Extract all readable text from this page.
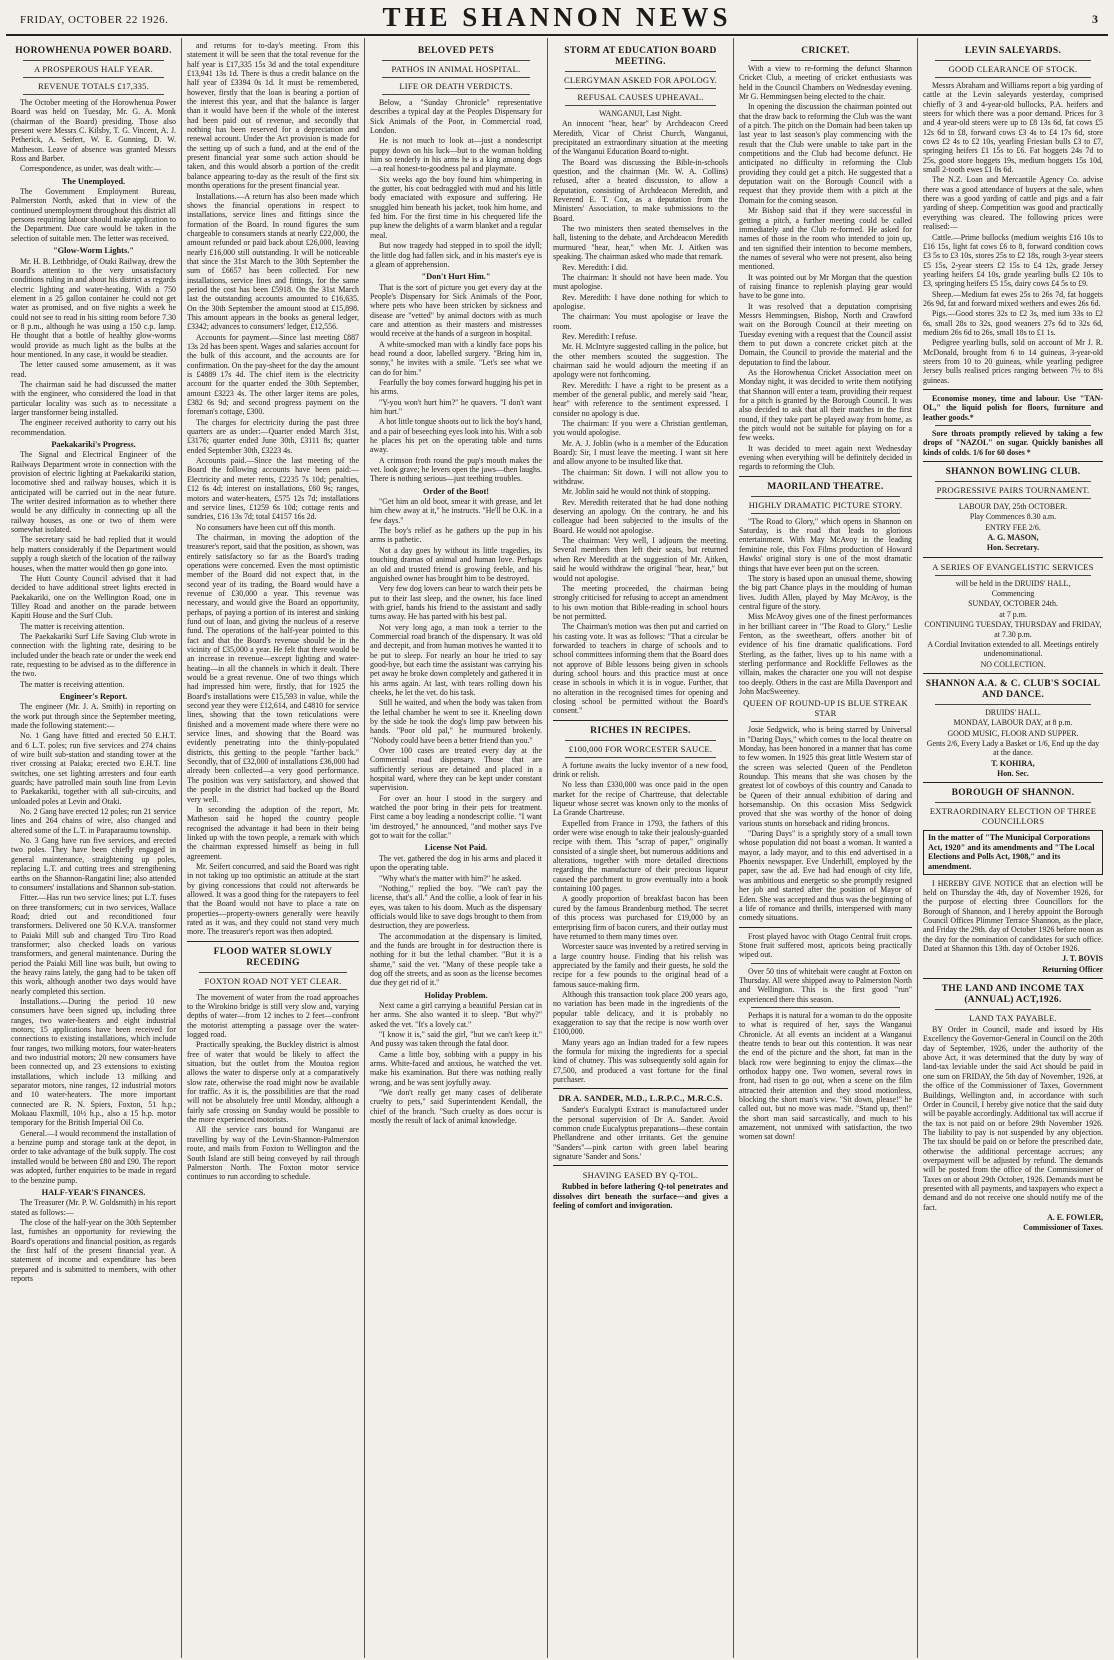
FRIDAY, OCTOBER 22 1926.	THE SHANNON NEWS	3
HOROWHENUA POWER BOARD.
A PROSPEROUS HALF YEAR.
REVENUE TOTALS £17,335.

The October meeting of the Horowhenua Power Board was held on Tuesday, Mr. G. A. Monk (chairman of the Board) presiding. Those also present were Messrs C. Kilsby, T. G. Vincent, A. J. Petherick, A. Seifert, W. E. Gunning, D. W. Matheson. Leave of absence was granted Messrs Ross and Barber.

Correspondence, as under, was dealt with:—

The Unemployed.

The Government Employment Bureau, Palmerston North, asked that in view of the continued unemployment throughout this district all persons requiring labour should make application to the Department. Due care would be taken in the selection of suitable men. The letter was received.

"Glow-Worm Lights."

Mr. H. B. Lethbridge, of Otaki Railway, drew the Board's attention to the very unsatisfactory conditions ruling in and about his district as regards electric lighting and water-heating. With a 750 element in a 25 gallon container he could not get water as promised, and on five nights a week he could not see to read in his sitting room before 7.30 or 8 p.m., although he was using a 150 c.p. lamp. He thought that a bottle of healthy glow-worms would provide as much light as the bulbs at the hour mentioned. In any case, it would be steadier.

The letter caused some amusement, as it was read.

The chairman said he had discussed the matter with the engineer, who considered the load in that particular locality was such as to necessitate a larger transformer being installed.

The engineer received authority to carry out his recommendation.

Paekakariki's Progress.

The Signal and Electrical Engineer of the Railways Department wrote in connection with the provision of electric lighting at Paekakariki station, locomotive shed and railway houses, which it is anticipated will be carried out in the near future. The writer desired information as to whether there would be any difficulty in connecting up all the railway houses, as one or two of them were somewhat isolated.

The secretary said he had replied that it would help matters considerably if the Department would supply a rough sketch of the location of the railway houses, when the matter would then go gone into.

The Hutt County Council advised that it had decided to have additional street lights erected in Paekakariki, one on the Wellington Road, one in Tilley Road and another on the parade between Kapiti House and the Surf Club.

The matter is receiving attention.

The Paekakariki Surf Life Saving Club wrote in connection with the lighting rate, desiring to be included under the beach rate or under the week end rate, requesting to be advised as to the difference in the two.

The matter is receiving attention.

Engineer's Report.

The engineer (Mr. J. A. Smith) in reporting on the work put through since the September meeting, made the following statement:—

No. 1 Gang have fitted and erected 50 E.H.T. and 6 L.T. poles; run five services and 274 chains of wire built sub-station and standing tower at the river crossing at Paiaka; erected two E.H.T. line switches, one set lighting arresters and four earth guards; have patrolled main south line from Levin to Paekakariki, together with all sub-circuits, and unloaded poles at Levin and Otaki.

No. 2 Gang have erected 12 poles; run 21 service lines and 264 chains of wire, also changed and altered some of the L.T. in Paraparaumu township.

No. 3 Gang have run five services, and erected two poles. They have been chiefly engaged in general maintenance, straightening up poles, replacing L.T. and cutting trees and strengthening earths on the Shannon-Rangatini line; also attended to consumers' installations and Shannon sub-station.

Fitter.—Has run two service lines; put L.T. fuses on three transformers; cut in two services, Wallace Road; dried out and reconditioned four transformers. Delivered one 50 K.V.A. transformer to Paiaki Mill sub and changed Tiro Tiro Road transformer; also checked loads on various transformers, and general maintenance. During the period the Paiaki Mill line was built, but owing to the heavy rains lately, the gang had to be taken off this work, although another two days would have nearly completed this section.

Installations.—During the period 10 new consumers have been signed up, including three ranges, two water-heaters and eight industrial motors; 15 applications have been received for connections to existing installations, which include four ranges, two milking motors, four water-heaters and two industrial motors; 20 new consumers have been connected up, and 23 extensions to existing installations, which include 13 milking and separator motors, nine ranges, 12 industrial motors and 10 water-heaters. The more important connected are R. N. Spiers, Foxton, 51 h.p.; Mokaau Flaxmill, 10½ h.p., also a 15 h.p. motor temporary for the British Imperial Oil Co.

General.—I would recommend the installation of a benzine pump and storage tank at the depot, in order to take advantage of the bulk supply. The cost installed would be between £80 and £90. The report was adopted, further enquiries to be made in regard to the benzine pump.

HALF-YEAR'S FINANCES.

The Treasurer (Mr. P. W. Goldsmith) in his report stated as follows:—

The close of the half-year on the 30th September last, furnishes an opportunity for reviewing the Board's operations and financial position, as regards the first half of the present financial year. A statement of income and expenditure has been prepared and is submitted to members, with other reports

and returns for to-day's meeting. From this statement it will be seen that the total revenue for the half year is £17,335 15s 3d and the total expenditure £13,941 13s 1d. There is thus a credit balance on the half year of £3394 0s 1d. It must be remembered, however, firstly that the loan is bearing a portion of the interest this year, and that the balance is larger than it would have been if the whole of the interest had been paid out of revenue, and secondly that nothing has been reserved for a depreciation and renewal account. Under the Act provision is made for the setting up of such a fund, and at the end of the present financial year some such action should be taken, and this would absorb a portion of the credit balance appearing to-day as the result of the first six months operations for the present financial year.

Installations.—A return has also been made which shows the financial operations in respect to installations, service lines and fittings since the formation of the Board. In round figures the sum chargeable to consumers stands at nearly £22,000, the amount refunded or paid back about £26,000, leaving nearly £16,000 still outstanding. It will be noticeable that since the 31st March to the 30th September the sum of £6657 has been collected. For new installations, service lines and fittings, for the same period the cost has been £5918. On the 31st March last the outstanding accounts amounted to £16,635. On the 30th September the amount stood at £15,898. This amount appears in the books as general ledger, £3342; advances to consumers' ledger, £12,556.

Accounts for payment.—Since last meeting £887 13s 2d has been spent. Wages and salaries account for the bulk of this account, and the accounts are for confirmation. On the pay-sheet for the day the amount is £4889 17s 4d. The chief item is the electricity account for the quarter ended the 30th September, amount £3223 4s. The other larger items are poles, £382 6s 9d; and second progress payment on the foreman's cottage, £300.

The charges for electricity during the past three quarters are as under:—Quarter ended March 31st, £3176; quarter ended June 30th, £3111 8s; quarter ended September 30th, £3223 4s.

Accounts paid.—Since the last meeting of the Board the following accounts have been paid:—Electricity and meter rents, £2235 7s 10d; penalties, £12 6s 4d; interest on installations, £60 9s; ranges, motors and water-heaters, £575 12s 7d; installations and service lines, £1259 6s 10d; cottage rents and sundries, £16 13s 7d; total £4157 16s 2d.

No consumers have been cut off this month.

The chairman, in moving the adoption of the treasurer's report, said that the position, as shown, was entirely satisfactory so far as the Board's trading operations were concerned. Even the most optimistic member of the Board did not expect that, in the second year of its trading, the Board would have a revenue of £30,000 a year. This revenue was necessary, and would give the Board an opportunity, perhaps, of paying a portion of its interest and sinking fund out of loan, and giving the nucleus of a reserve fund. The operations of the half-year pointed to this fact and that the Board's revenue should be in the vicinity of £35,000 a year. He felt that there would be an increase in revenue—except lighting and water-heating—in all the channels in which it dealt. There would be a great revenue. One of two things which had impressed him were, firstly, that for 1925 the Board's installations were £15,593 in value, while the second year they were £12,614, and £4810 for service lines, showing that the town reticulations were finished and a movement made where there were no service lines, and showing that the Board was evidently penetrating into the thinly-populated districts, this getting to the people "farther back." Secondly, that of £32,000 of installations £36,000 had already been collected—a very good performance. The position was very satisfactory, and showed that the people in the district had backed up the Board very well.

In seconding the adoption of the report, Mr. Matheson said he hoped the country people recognised the advantage it had been in their being linked up with the town people, a remark with which the chairman expressed himself as being in full agreement.

Mr. Seifert concurred, and said the Board was right in not taking up too optimistic an attitude at the start by giving concessions that could not afterwards be allowed. It was a good thing for the ratepayers to feel that the Board would not have to place a rate on properties—property-owners generally were heavily rated as it was, and they could not stand very much more. The treasurer's report was then adopted.

FLOOD WATER SLOWLY RECEDING
FOXTON ROAD NOT YET CLEAR.

The movement of water from the road approaches to the Wirokino bridge is still very slow and, varying depths of water—from 12 inches to 2 feet—confront the motorist attempting a passage over the water-logged road.

Practically speaking, the Buckley district is almost free of water that would be likely to affect the situation, but the outlet from the Moutoa region allows the water to disperse only at a comparatively slow rate, otherwise the road might now be available for traffic. As it is, the possibilities are that the road will not be absolutely free until Monday, although a fairly safe crossing on Sunday would be possible to the more experienced motorists.

All the service cars bound for Wanganui are travelling by way of the Levin-Shannon-Palmerston route, and mails from Foxton to Wellington and the South Island are still being conveyed by rail through Palmerston North. The Foxton motor service continues to run according to schedule.

BELOVED PETS
PATHOS IN ANIMAL HOSPITAL.
LIFE OR DEATH VERDICTS.

Below, a "Sunday Chronicle" representative describes a typical day at the Peoples Dispensary for Sick Animals of the Poor, in Commercial road, London.

He is not much to look at—just a nondescript puppy down on his luck—but to the woman holding him so tenderly in his arms he is a king among dogs—a real honest-to-goodness pal and playmate.

Six weeks ago the boy found him whimpering in the gutter, his coat bedraggled with mud and his little body emaciated with exposure and suffering. He snuggled him beneath his jacket, took him home, and fed him. For the first time in his chequered life the pup knew the delights of a warm blanket and a regular meal.

But now tragedy had stepped in to spoil the idyll; the little dog had fallen sick, and in his master's eye is a gleam of apprehension.

"Don't Hurt Him."

That is the sort of picture you get every day at the People's Dispensary for Sick Animals of the Poor, where pets who have been stricken by sickness and disease are "vetted" by animal doctors with as much care and attention as their masters and mistresses would receive at the hands of a surgeon in hospital.

A white-smocked man with a kindly face pops his head round a door, labelled surgery. "Bring him in, sonny," he invites with a smile. "Let's see what we can do for him."

Fearfully the boy comes forward hugging his pet in his arms.

"Y-you won't hurt him?" he quavers. "I don't want him hurt."

A hot little tongue shoots out to lick the boy's hand, and a pair of beseeching eyes look into his. With a sob he places his pet on the operating table and turns away.

A crimson froth round the pup's mouth makes the vet. look grave; he levers open the jaws—then laughs. There is nothing serious—just teething troubles.

Order of the Boot!

"Get him an old boot, smear it with grease, and let him chew away at it," he instructs. "He'll be O.K. in a few days."

The boy's relief as he gathers up the pup in his arms is pathetic.

Not a day goes by without its little tragedies, its touching dramas of animal and human love. Perhaps an old and trusted friend is growing feeble, and his anguished owner has brought him to be destroyed.

Very few dog lovers can bear to watch their pets be put to their last sleep, and the owner, his face lined with grief, hands his friend to the assistant and sadly turns away. He has parted with his best pal.

Not very long ago, a man took a terrier to the Commercial road branch of the dispensary. It was old and decrepit, and from human motives he wanted it to be put to sleep. For nearly an hour he tried to say good-bye, but each time the assistant was carrying his pet away he broke down completely and gathered it in his arms again. At last, with tears rolling down his cheeks, he let the vet. do his task.

Still he waited, and when the body was taken from the lethal chamber he went to see it. Kneeling down by the side he took the dog's limp paw between his hands. "Poor old pal," he murmured brokenly. "Nobody could have been a better friend than you."

Over 100 cases are treated every day at the Commercial road dispensary. Those that are sufficiently serious are detained and placed in a hospital ward, where they can be kept under constant supervision.

For over an hour I stood in the surgery and watched the poor bring in their pets for treatment. First came a boy leading a nondescript collie. "I want 'im destroyed," he announced, "and mother says I've got to wait for the collar."

License Not Paid.

The vet. gathered the dog in his arms and placed it upon the operating table.

"Why what's the matter with him?" he asked.

"Nothing," replied the boy. "We can't pay the license, that's all." And the collie, a look of fear in his eyes, was taken to his doom. Much as the dispensary officials would like to save dogs brought to them from destruction, they are powerless.

The accommodation at the dispensary is limited, and the funds are brought in for destruction there is nothing for it but the lethal chamber. "But it is a shame," said the vet. "Many of these people take a dog off the streets, and as soon as the license becomes due they get rid of it."

Holiday Problem.

Next came a girl carrying a beautiful Persian cat in her arms. She also wanted it to sleep. "But why?" asked the vet. "It's a lovely cat."

"I know it is," said the girl, "but we can't keep it." And pussy was taken through the fatal door.

Came a little boy, sobbing with a puppy in his arms. White-faced and anxious, he watched the vet. make his examination. But there was nothing really wrong, and he was sent joyfully away.

"We don't really get many cases of deliberate cruelty to pets," said Superintendent Kendall, the chief of the branch. "Such cruelty as does occur is mostly the result of lack of animal knowledge.

STORM AT EDUCATION BOARD MEETING.
CLERGYMAN ASKED FOR APOLOGY.
REFUSAL CAUSES UPHEAVAL.

WANGANUI, Last Night.

An innocent "hear, hear" by Archdeacon Creed Meredith, Vicar of Christ Church, Wanganui, precipitated an extraordinary situation at the meeting of the Wanganui Education Board to-night.

The Board was discussing the Bible-in-schools question, and the chairman (Mr. W. A. Collins) refused, after a heated discussion, to allow a deputation, consisting of Archdeacon Meredith, and Reverend E. T. Cox, as a deputation from the Ministers' Association, to make submissions to the Board.

The two ministers then seated themselves in the hall, listening to the debate, and Archdeacon Meredith murmured "hear, hear," when Mr. J. Aitken was speaking. The chairman asked who made that remark.

Rev. Meredith: I did.

The chairman: It should not have been made. You must apologise.

Rev. Meredith: I have done nothing for which to apologise.

The chairman: You must apologise or leave the room.

Rev. Meredith: I refuse.

Mr. H. McIntyre suggested calling in the police, but the other members scouted the suggestion. The chairman said he would adjourn the meeting if an apology were not forthcoming.

Rev. Meredith: I have a right to be present as a member of the general public, and merely said "hear, hear" with reference to the sentiment expressed. I consider no apology is due.

The chairman: If you were a Christian gentleman, you would apologise.

Mr. A. J. Joblin (who is a member of the Education Board): Sir, I must leave the meeting. I want sit here and allow anyone to be insulted like that.

The chairman: Sit down. I will not allow you to withdraw.

Mr. Joblin said he would not think of stopping.

Rev. Meredith reiterated that he had done nothing deserving an apology. On the contrary, he and his colleague had been subjected to the insults of the Board. He would not apologise.

The chairman: Very well, I adjourn the meeting. Several members then left their seats, but returned when Rev Meredith at the suggestion of Mr. Aitken, said he would withdraw the original "hear, hear," but would not apologise.

The meeting proceeded, the chairman being strongly criticised for refusing to accept an amendment to his own motion that Bible-reading in school hours be not permitted.

The Chairman's motion was then put and carried on his casting vote. It was as follows: "That a circular be forwarded to teachers in charge of schools and to school committees informing them that the Board does not approve of Bible lessons being given in schools during school hours and this practice must at once cease in schools in which it is in vogue. Further, that no alteration in the recognised times for opening and closing school be permitted without the Board's consent."

RICHES IN RECIPES.
£100,000 FOR WORCESTER SAUCE.

A fortune awaits the lucky inventor of a new food, drink or relish.

No less than £330,000 was once paid in the open market for the recipe of Chartreuse, that delectable liqueur whose secret was known only to the monks of La Grande Chartreuse.

Expelled from France in 1793, the fathers of this order were wise enough to take their jealously-guarded recipe with them. This "scrap of paper," originally consisted of a single sheet, but numerous additions and alterations, together with more detailed directions regarding the manufacture of their precious liqueur caused the parchment to grow eventually into a book containing 100 pages.

A goodly proportion of breakfast bacon has been cured by the famous Brandenburg method. The secret of this process was purchased for £19,000 by an enterprising firm of bacon curers, and their outlay must have returned to them many times over.

Worcester sauce was invented by a retired serving in a large country house. Finding that his relish was appreciated by the family and their guests, he sold the recipe for a few pounds to the original head of a famous sauce-making firm.

Although this transaction took place 200 years ago, no variation has been made in the ingredients of the popular table delicacy, and it is probably no exaggeration to say that the recipe is now worth over £100,000.

Many years ago an Indian traded for a few rupees the formula for mixing the ingredients for a special kind of chutney. This was subsequently sold again for £7,500, and produced a vast fortune for the final purchaser.

DR A. SANDER, M.D., L.R.P.C., M.R.C.S.

Sander's Eucalypti Extract is manufactured under the personal supervision of Dr A. Sander. Avoid common crude Eucalyptus preparations—these contain Phellandrene and other irritants. Get the genuine "Sanders"—pink carton with green label bearing signature 'Sander and Sons.'

SHAVING EASED BY Q-TOL.

Rubbed in before lathering Q-tol penetrates and dissolves dirt beneath the surface—and gives a feeling of comfort and invigoration.

CRICKET.

With a view to re-forming the defunct Shannon Cricket Club, a meeting of cricket enthusiasts was held in the Council Chambers on Wednesday evening. Mr G. Hemmingsen being elected to the chair.

In opening the discussion the chairman pointed out that the draw back to reforming the Club was the want of a pitch. The pitch on the Domain had been taken up last year to last season's play commencing with the result that the Club were unable to take part in the competitions and the Club had become defunct. He anticipated no difficulty in reforming the Club providing they could get a pitch. He suggested that a deputation wait on the Borough Council with a request that they provide them with a pitch at the Domain for the coming season.

Mr Bishop said that if they were successful in getting a pitch, a further meeting could be called immediately and the Club re-formed. He asked for names of those in the room who intended to join up, and ten signified their intention to become members, the names of several who were not present, also being mentioned.

It was pointed out by Mr Morgan that the question of raising finance to replenish playing gear would have to be gone into.

It was resolved that a deputation comprising Messrs Hemmingsen, Bishop, North and Crawford wait on the Borough Council at their meeting on Tuesday evening with a request that the Council assist them to put down a concrete cricket pitch at the Domain, the Council to provide the material and the deputation to find the labour.

As the Horowhenua Cricket Association meet on Monday night, it was decided to write them notifying that Shannon will enter a team, providing their request for a pitch is granted by the Borough Council. It was also decided to ask that all their matches in the first round, if they take part be played away from home, as the pitch would not be suitable for playing on for a few weeks.

It was decided to meet again next Wednesday evening when everything will be definitely decided in regards to reforming the Club.

MAORILAND THEATRE.
HIGHLY DRAMATIC PICTURE STORY.

"The Road to Glory," which opens in Shannon on Saturday, is the road that leads to glorious entertainment. With May McAvoy in the leading feminine role, this Fox Films production of Howard Hawks' original story is one of the most dramatic things that have ever been put on the screen.

The story is based upon an unusual theme, showing the big part Chance plays in the moulding of human lives. Judith Allen, played by May McAvoy, is the central figure of the story.

Miss McAvoy gives one of the finest performances in her brilliant career in "The Road to Glory." Leslie Fenton, as the sweetheart, offers another bit of evidence of his fine dramatic qualifications. Ford Sterling, as the father, lives up to his name with a sterling performance and Rockliffe Fellowes as the villain, makes the character one you will not despise too deeply. Others in the cast are Milla Davenport and John MacSweeney.

QUEEN OF ROUND-UP IS BLUE STREAK STAR

Josie Sedgwick, who is being starred by Universal in "Daring Days," which comes to the local theatre on Monday, has been honored in a manner that has come to few women. In 1925 this great little Western star of the screen was selected Queen of the Pendleton Roundup. This means that she was chosen by the greatest lot of cowboys of this country and Canada to be Queen of their annual exhibition of daring and horsemanship. On this occasion Miss Sedgwick proved that she was worthy of the honor of doing various stunts on horseback and riding broncos.

"Daring Days" is a sprightly story of a small town whose population did not boast a woman. It wanted a mayor, a lady mayor, and to this end advertised in a Phoenix newspaper. Eve Underhill, employed by the paper, saw the ad. Eve had had enough of city life, was ambitious and energetic so she promptly resigned her job and started after the position of Mayor of Eden. She was accepted and thus was the beginning of a life of romance and thrills, interspersed with many comedy situations.

Frost played havoc with Otago Central fruit crops. Stone fruit suffered most, apricots being practically wiped out.

Over 50 tins of whitebait were caught at Foxton on Thursday. All were shipped away to Palmerston North and Wellington. This is the first good "run" experienced there this season.

Perhaps it is natural for a woman to do the opposite to what is required of her, says the Wanganui Chronicle. At all events an incident at a Wanganui theatre tends to bear out this contention. It was near the end of the picture and the short, fat man in the black row were beginning to enjoy the climax—the orthodox happy one. Two women, several rows in front, had risen to go out, when a scene on the film attracted their attention and they stood motionless, blocking the short man's view. "Sit down, please!" he called out, but no move was made. "Stand up, then!" the short man said sarcastically, and much to his amazement, not unmixed with satisfaction, the two women sat down!

LEVIN SALEYARDS.
GOOD CLEARANCE OF STOCK.

Messrs Abraham and Williams report a big yarding of cattle at the Levin saleyards yesterday, comprised chiefly of 3 and 4-year-old bullocks, P.A. heifers and steers for which there was a poor demand. Prices for 3 and 4 year-old steers were up to £8 13s 6d, fat cows £5 12s 6d to £8, forward cows £3 4s to £4 17s 6d, store cows £2 4s to £2 10s, yearling Friesian bulls £3 to £7, springing heifers £1 15s to £6. Fat hoggets 24s 7d to 25s, good store hoggets 19s, medium hoggets 15s 10d, small 2-tooth ewes £1 0s 6d.

The N.Z. Loan and Mercantile Agency Co. advise there was a good attendance of buyers at the sale, when there was a good yarding of cattle and pigs and a fair yarding of sheep. Competition was good and practically everything was cleared. The following prices were realised:—

Cattle.—Prime bullocks (medium weights £16 10s to £16 15s, light fat cows £6 to 8, forward condition cows £3 5s to £3 10s, stores 25s to £2 18s, rough 3-year steers £5 15s, 2-year steers £2 15s to £4 12s, grade Jersey yearling heifers £4 10s, grade yearling bulls £2 10s to £3, springing heifers £5 15s, dairy cows £4 5s to £9.

Sheep.—Medium fat ewes 25s to 26s 7d, fat hoggets 26s 9d, fat and forward mixed wethers and ewes 26s 6d.

Pigs.—Good stores 32s to £2 3s, med ium 33s to £2 6s, small 28s to 32s, good weaners 27s 6d to 32s 6d, medium 26s 6d to 26s, small 18s to £1 1s.

Pedigree yearling bulls, sold on account of Mr J. R. McDonald, brought from 6 to 14 guineas, 3-year-old steers from 10 to 20 guineas, while yearling pedigree Jersey bulls realised prices ranging between 7½ to 8¼ guineas.

Economise money, time and labour. Use "TAN-OL," the liquid polish for floors, furniture and leather goods.*

Sore throats promptly relieved by taking a few drops of "NAZOL" on sugar. Quickly banishes all kinds of colds. 1/6 for 60 doses *

SHANNON BOWLING CLUB.
PROGRESSIVE PAIRS TOURNAMENT.

LABOUR DAY, 25th OCTOBER.

Play Commences 8.30 a.m.

ENTRY FEE 2/6.

A. G. MASON,

Hon. Secretary.

A SERIES OF EVANGELISTIC SERVICES

will be held in the DRUIDS' HALL,

Commencing

SUNDAY, OCTOBER 24th.

at 7 p.m.

CONTINUING TUESDAY, THURSDAY and FRIDAY, at 7.30 p.m.

A Cordial Invitation extended to all. Meetings entirely undenominational.

NO COLLECTION.

SHANNON A.A. & C. CLUB'S SOCIAL AND DANCE.

DRUIDS' HALL.

MONDAY, LABOUR DAY, at 8 p.m.

GOOD MUSIC, FLOOR AND SUPPER.

Gents 2/6, Every Lady a Basket or 1/6, End up the day at the dance.

T. KOHIRA,

Hon. Sec.

BOROUGH OF SHANNON.
EXTRAORDINARY ELECTION OF THREE COUNCILLORS
In the matter of "The Municipal Corporations Act, 1920" and its amendments and "The Local Elections and Polls Act, 1908," and its amendment.

I HEREBY GIVE NOTICE that an election will be held on Thursday the 4th, day of November 1926, for the purpose of electing three Councillors for the Borough of Shannon, and I hereby appoint the Borough Council Offices Plimmer Terrace Shannon, as the place, and Friday the 29th. day of October 1926 before noon as the day for the nomination of candidates for such office. Dated at Shannon this 13th. day of October 1926.

J. T. BOVIS

Returning Officer

THE LAND AND INCOME TAX (ANNUAL) ACT,1926.
LAND TAX PAYABLE.

BY Order in Council, made and issued by His Excellency the Governor-General in Council on the 20th day of September, 1926, under the authority of the above Act, it was determined that the duty by way of land-tax leviable under the said Act should be paid in one sum on FRIDAY, the 5th day of November, 1926, at the office of the Commissioner of Taxes, Government Buildings, Wellington and, in accordance with such Order in Council, I hereby give notice that the said duty will be payable accordingly. Additional tax will accrue if the tax is not paid on or before 29th November 1926. The liability to pay is not suspended by any objection. The tax should be paid on or before the prescribed date, otherwise the additional percentage accrues; any overpayment will be adjusted by refund. The demands will be posted from the office of the Commissioner of Taxes on or about 29th October, 1926. Demands must be presented with all payments, and taxpayers who expect a demand and do not receive one should notify me of the fact.

A. E. FOWLER,

Commissioner of Taxes.
